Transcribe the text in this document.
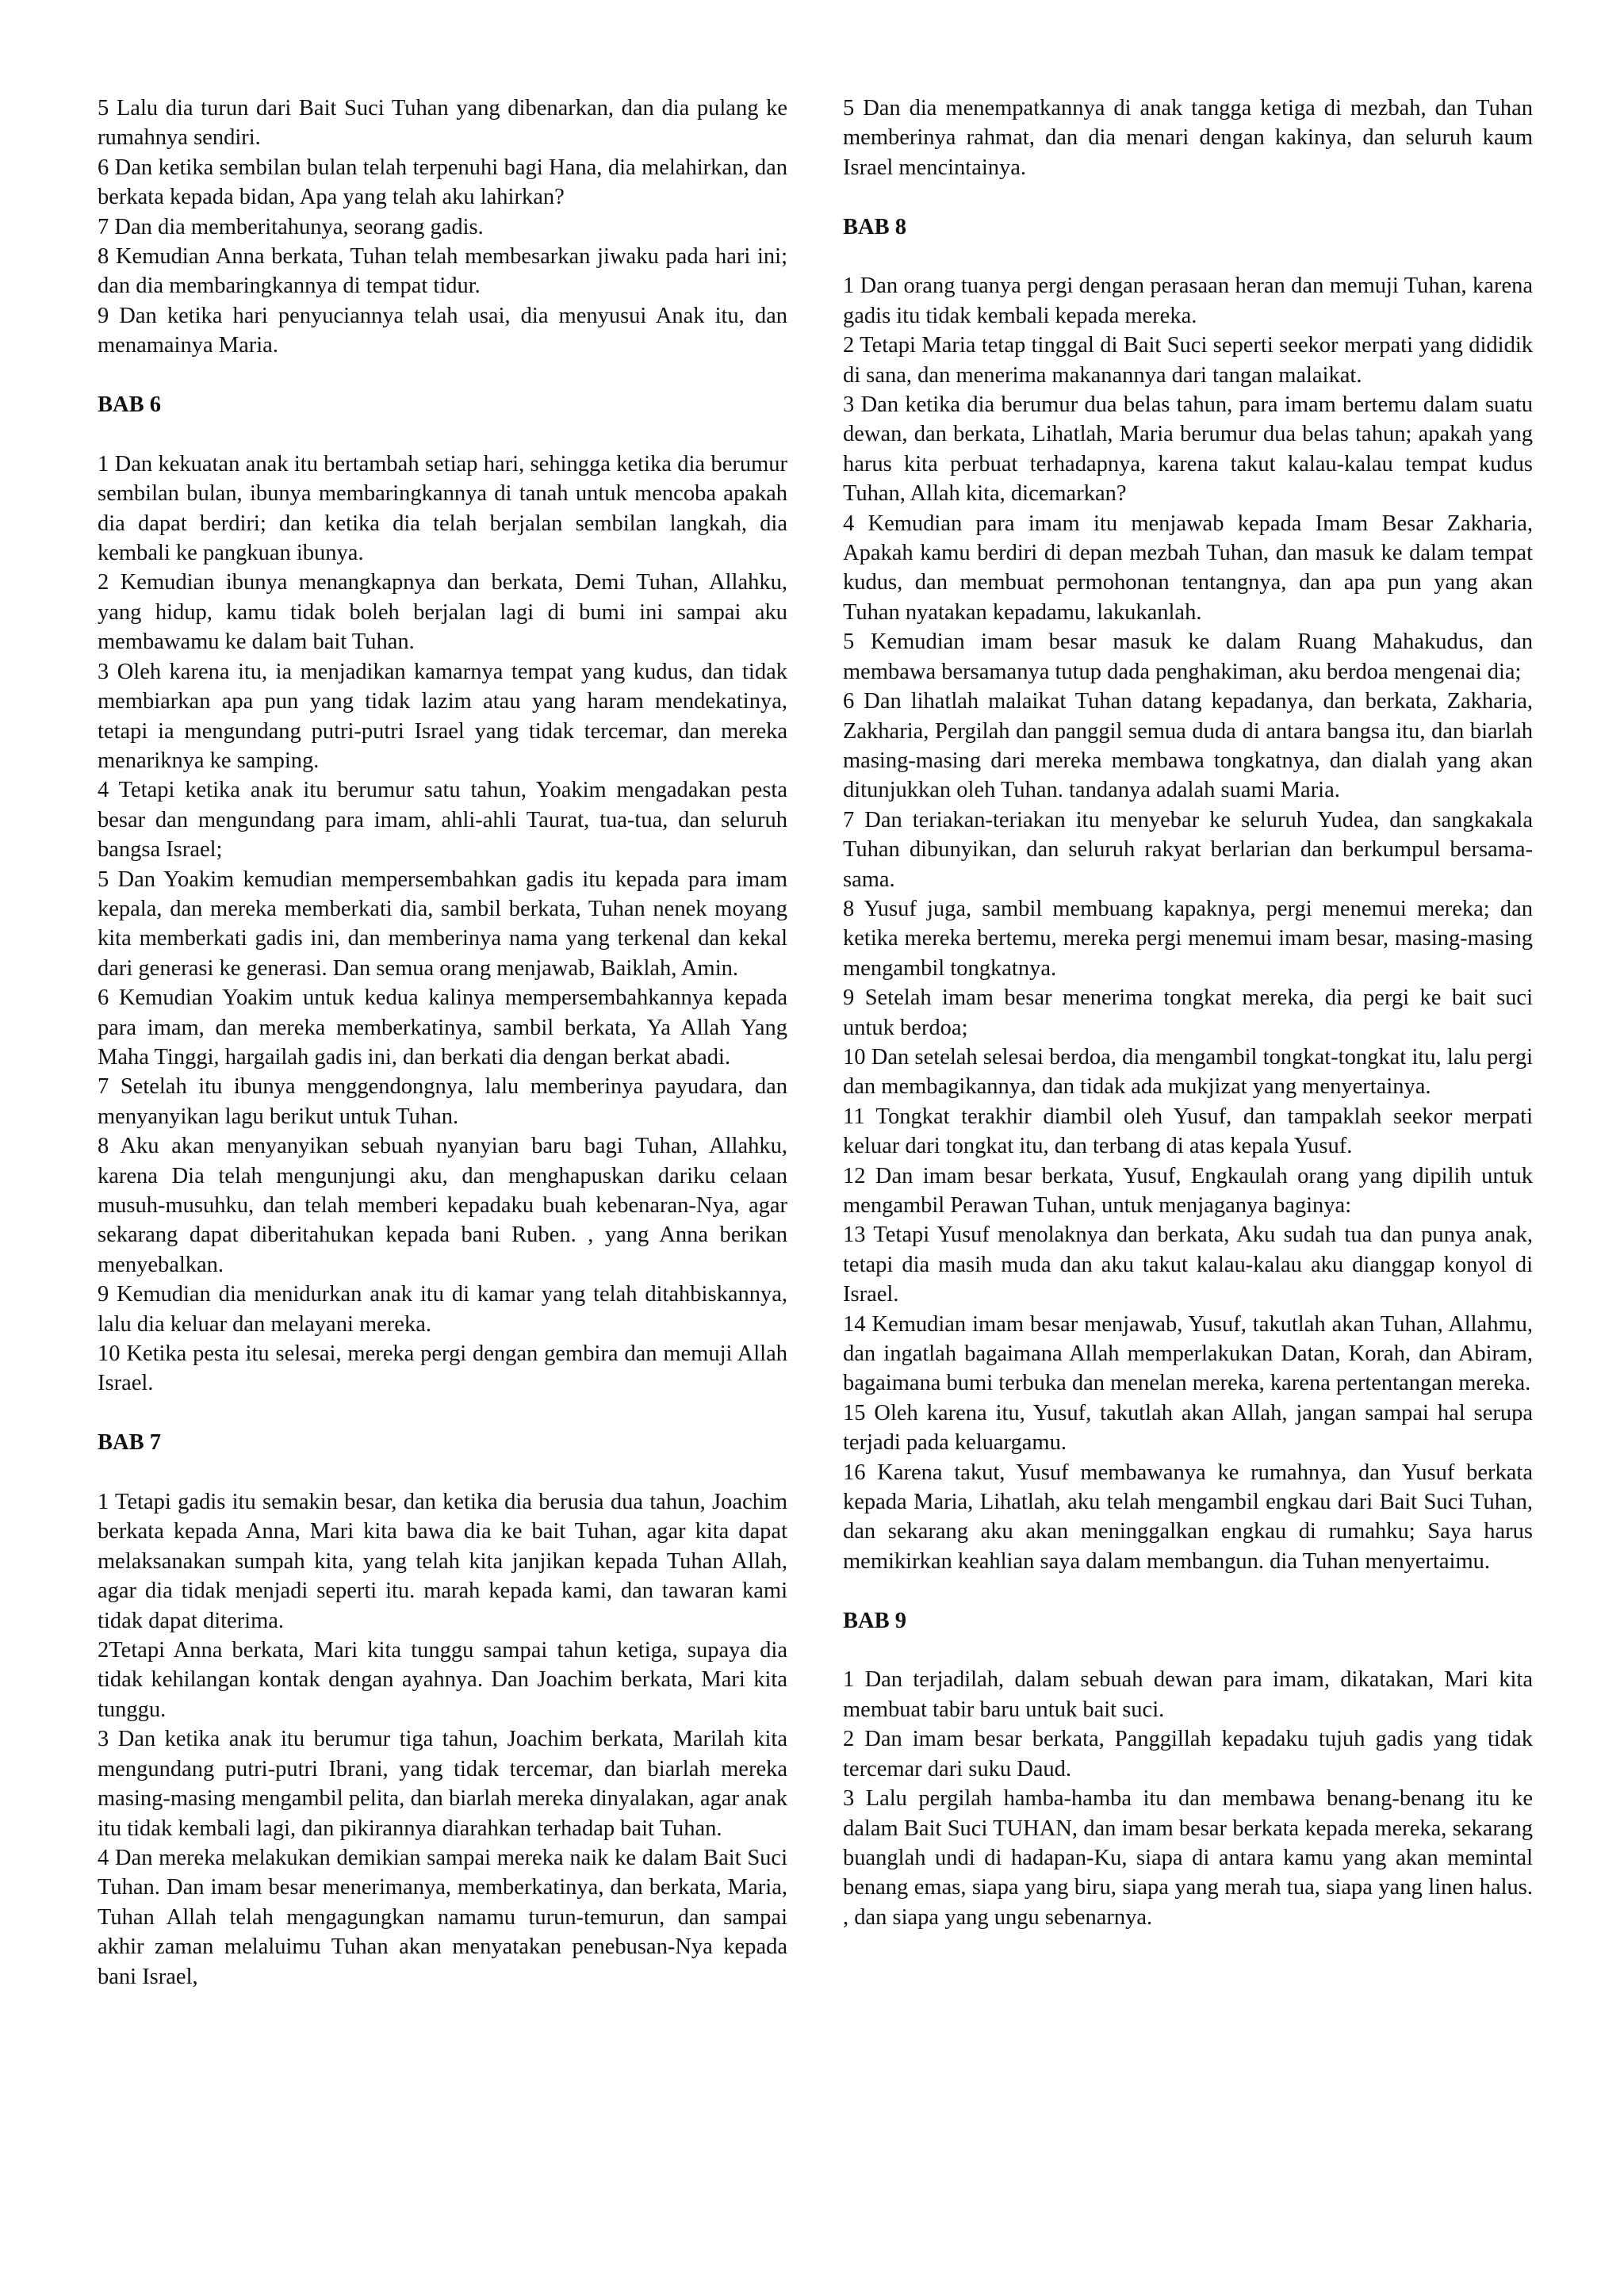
5 Lalu dia turun dari Bait Suci Tuhan yang dibenarkan, dan dia pulang ke rumahnya sendiri.

6 Dan ketika sembilan bulan telah terpenuhi bagi Hana, dia melahirkan, dan berkata kepada bidan, Apa yang telah aku lahirkan?

7 Dan dia memberitahunya, seorang gadis.

8 Kemudian Anna berkata, Tuhan telah membesarkan jiwaku pada hari ini; dan dia membaringkannya di tempat tidur.

9 Dan ketika hari penyuciannya telah usai, dia menyusui Anak itu, dan menamainya Maria.

BAB 6

1 Dan kekuatan anak itu bertambah setiap hari, sehingga ketika dia berumur sembilan bulan, ibunya membaringkannya di tanah untuk mencoba apakah dia dapat berdiri; dan ketika dia telah berjalan sembilan langkah, dia kembali ke pangkuan ibunya.

2 Kemudian ibunya menangkapnya dan berkata, Demi Tuhan, Allahku, yang hidup, kamu tidak boleh berjalan lagi di bumi ini sampai aku membawamu ke dalam bait Tuhan.

3 Oleh karena itu, ia menjadikan kamarnya tempat yang kudus, dan tidak membiarkan apa pun yang tidak lazim atau yang haram mendekatinya, tetapi ia mengundang putri-putri Israel yang tidak tercemar, dan mereka menariknya ke samping.

4 Tetapi ketika anak itu berumur satu tahun, Yoakim mengadakan pesta besar dan mengundang para imam, ahli-ahli Taurat, tua-tua, dan seluruh bangsa Israel;

5 Dan Yoakim kemudian mempersembahkan gadis itu kepada para imam kepala, dan mereka memberkati dia, sambil berkata, Tuhan nenek moyang kita memberkati gadis ini, dan memberinya nama yang terkenal dan kekal dari generasi ke generasi. Dan semua orang menjawab, Baiklah, Amin.

6 Kemudian Yoakim untuk kedua kalinya mempersembahkannya kepada para imam, dan mereka memberkatinya, sambil berkata, Ya Allah Yang Maha Tinggi, hargailah gadis ini, dan berkati dia dengan berkat abadi.

7 Setelah itu ibunya menggendongnya, lalu memberinya payudara, dan menyanyikan lagu berikut untuk Tuhan.

8 Aku akan menyanyikan sebuah nyanyian baru bagi Tuhan, Allahku, karena Dia telah mengunjungi aku, dan menghapuskan dariku celaan musuh-musuhku, dan telah memberi kepadaku buah kebenaran-Nya, agar sekarang dapat diberitahukan kepada bani Ruben. , yang Anna berikan menyebalkan.

9 Kemudian dia menidurkan anak itu di kamar yang telah ditahbiskannya, lalu dia keluar dan melayani mereka.

10 Ketika pesta itu selesai, mereka pergi dengan gembira dan memuji Allah Israel.

BAB 7

1 Tetapi gadis itu semakin besar, dan ketika dia berusia dua tahun, Joachim berkata kepada Anna, Mari kita bawa dia ke bait Tuhan, agar kita dapat melaksanakan sumpah kita, yang telah kita janjikan kepada Tuhan Allah, agar dia tidak menjadi seperti itu. marah kepada kami, dan tawaran kami tidak dapat diterima.

2Tetapi Anna berkata, Mari kita tunggu sampai tahun ketiga, supaya dia tidak kehilangan kontak dengan ayahnya. Dan Joachim berkata, Mari kita tunggu.

3 Dan ketika anak itu berumur tiga tahun, Joachim berkata, Marilah kita mengundang putri-putri Ibrani, yang tidak tercemar, dan biarlah mereka masing-masing mengambil pelita, dan biarlah mereka dinyalakan, agar anak itu tidak kembali lagi, dan pikirannya diarahkan terhadap bait Tuhan.

4 Dan mereka melakukan demikian sampai mereka naik ke dalam Bait Suci Tuhan. Dan imam besar menerimanya, memberkatinya, dan berkata, Maria, Tuhan Allah telah mengagungkan namamu turun-temurun, dan sampai akhir zaman melaluimu Tuhan akan menyatakan penebusan-Nya kepada bani Israel,

5 Dan dia menempatkannya di anak tangga ketiga di mezbah, dan Tuhan memberinya rahmat, dan dia menari dengan kakinya, dan seluruh kaum Israel mencintainya.

BAB 8

1 Dan orang tuanya pergi dengan perasaan heran dan memuji Tuhan, karena gadis itu tidak kembali kepada mereka.

2 Tetapi Maria tetap tinggal di Bait Suci seperti seekor merpati yang dididik di sana, dan menerima makanannya dari tangan malaikat.

3 Dan ketika dia berumur dua belas tahun, para imam bertemu dalam suatu dewan, dan berkata, Lihatlah, Maria berumur dua belas tahun; apakah yang harus kita perbuat terhadapnya, karena takut kalau-kalau tempat kudus Tuhan, Allah kita, dicemarkan?

4 Kemudian para imam itu menjawab kepada Imam Besar Zakharia, Apakah kamu berdiri di depan mezbah Tuhan, dan masuk ke dalam tempat kudus, dan membuat permohonan tentangnya, dan apa pun yang akan Tuhan nyatakan kepadamu, lakukanlah.

5 Kemudian imam besar masuk ke dalam Ruang Mahakudus, dan membawa bersamanya tutup dada penghakiman, aku berdoa mengenai dia;

6 Dan lihatlah malaikat Tuhan datang kepadanya, dan berkata, Zakharia, Zakharia, Pergilah dan panggil semua duda di antara bangsa itu, dan biarlah masing-masing dari mereka membawa tongkatnya, dan dialah yang akan ditunjukkan oleh Tuhan. tandanya adalah suami Maria.

7 Dan teriakan-teriakan itu menyebar ke seluruh Yudea, dan sangkakala Tuhan dibunyikan, dan seluruh rakyat berlarian dan berkumpul bersama-sama.

8 Yusuf juga, sambil membuang kapaknya, pergi menemui mereka; dan ketika mereka bertemu, mereka pergi menemui imam besar, masing-masing mengambil tongkatnya.

9 Setelah imam besar menerima tongkat mereka, dia pergi ke bait suci untuk berdoa;

10 Dan setelah selesai berdoa, dia mengambil tongkat-tongkat itu, lalu pergi dan membagikannya, dan tidak ada mukjizat yang menyertainya.

11 Tongkat terakhir diambil oleh Yusuf, dan tampaklah seekor merpati keluar dari tongkat itu, dan terbang di atas kepala Yusuf.

12 Dan imam besar berkata, Yusuf, Engkaulah orang yang dipilih untuk mengambil Perawan Tuhan, untuk menjaganya baginya:

13 Tetapi Yusuf menolaknya dan berkata, Aku sudah tua dan punya anak, tetapi dia masih muda dan aku takut kalau-kalau aku dianggap konyol di Israel.

14 Kemudian imam besar menjawab, Yusuf, takutlah akan Tuhan, Allahmu, dan ingatlah bagaimana Allah memperlakukan Datan, Korah, dan Abiram, bagaimana bumi terbuka dan menelan mereka, karena pertentangan mereka.

15 Oleh karena itu, Yusuf, takutlah akan Allah, jangan sampai hal serupa terjadi pada keluargamu.

16 Karena takut, Yusuf membawanya ke rumahnya, dan Yusuf berkata kepada Maria, Lihatlah, aku telah mengambil engkau dari Bait Suci Tuhan, dan sekarang aku akan meninggalkan engkau di rumahku; Saya harus memikirkan keahlian saya dalam membangun. dia Tuhan menyertaimu.

BAB 9

1 Dan terjadilah, dalam sebuah dewan para imam, dikatakan, Mari kita membuat tabir baru untuk bait suci.

2 Dan imam besar berkata, Panggillah kepadaku tujuh gadis yang tidak tercemar dari suku Daud.

3 Lalu pergilah hamba-hamba itu dan membawa benang-benang itu ke dalam Bait Suci TUHAN, dan imam besar berkata kepada mereka, sekarang buanglah undi di hadapan-Ku, siapa di antara kamu yang akan memintal benang emas, siapa yang biru, siapa yang merah tua, siapa yang linen halus. , dan siapa yang ungu sebenarnya.
